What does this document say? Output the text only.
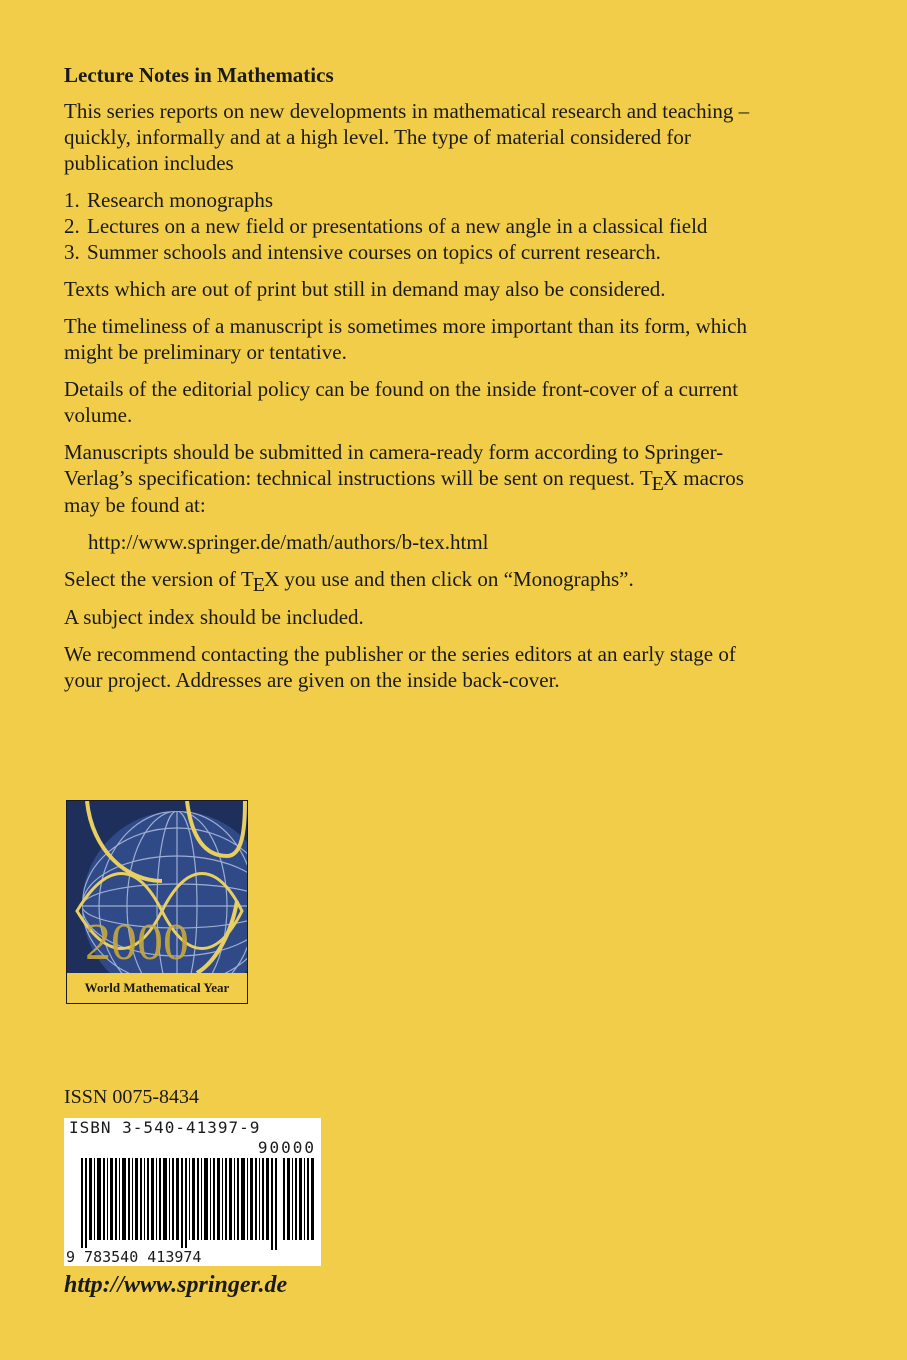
Lecture Notes in Mathematics

This series reports on new developments in mathematical research and teaching – quickly, informally and at a high level. The type of material considered for publication includes

1. Research monographs
2. Lectures on a new field or presentations of a new angle in a classical field
3. Summer schools and intensive courses on topics of current research.

Texts which are out of print but still in demand may also be considered.

The timeliness of a manuscript is sometimes more important than its form, which might be preliminary or tentative.

Details of the editorial policy can be found on the inside front-cover of a current volume.

Manuscripts should be submitted in camera-ready form according to Springer-Verlag’s specification: technical instructions will be sent on request. TEX macros may be found at:

http://www.springer.de/math/authors/b-tex.html

Select the version of TEX you use and then click on “Monographs”.

A subject index should be included.

We recommend contacting the publisher or the series editors at an early stage of your project. Addresses are given on the inside back-cover.

2000
World Mathematical Year
ISSN 0075-8434
ISBN 3-540-41397-9
90000
9 783540 413974
http://www.springer.de
